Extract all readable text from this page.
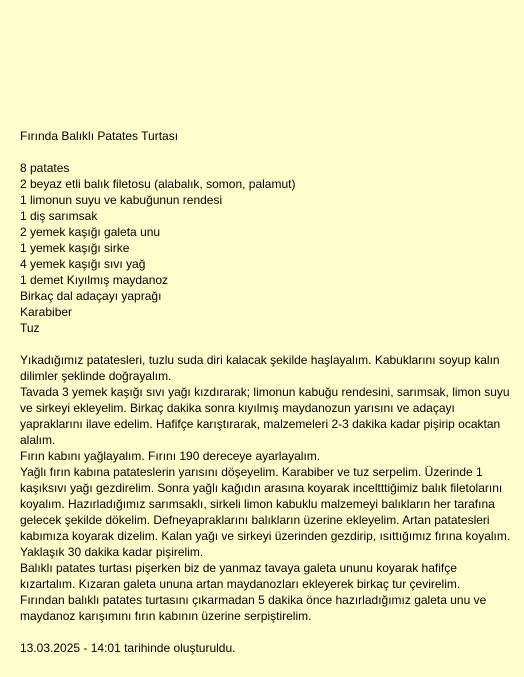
Fırında Balıklı Patates Turtası
8 patates
2 beyaz etli balık filetosu (alabalık, somon, palamut)
1 limonun suyu ve kabuğunun rendesi
1 diş sarımsak
2 yemek kaşığı galeta unu
1 yemek kaşığı sirke
4 yemek kaşığı sıvı yağ
1 demet Kıyılmış maydanoz
Birkaç dal adaçayı yaprağı
Karabiber
Tuz

Yıkadığımız patatesleri, tuzlu suda diri kalacak şekilde haşlayalım. Kabuklarını soyup kalın dilimler şeklinde doğrayalım.

Tavada 3 yemek kaşığı sıvı yağı kızdırarak; limonun kabuğu rendesini, sarımsak, limon suyu ve sirkeyi ekleyelim. Birkaç dakika sonra kıyılmış maydanozun yarısını ve adaçayı yapraklarını ilave edelim. Hafifçe karıştırarak, malzemeleri 2-3 dakika kadar pişirip ocaktan alalım.

Fırın kabını yağlayalım. Fırını 190 dereceye ayarlayalım.

Yağlı fırın kabına patateslerin yarısını döşeyelim. Karabiber ve tuz serpelim. Üzerinde 1 kaşıksıvı yağı gezdirelim. Sonra yağlı kağıdın arasına koyarak inceltttiğimiz balık filetolarını koyalım. Hazırladığımız sarımsaklı, sirkeli limon kabuklu malzemeyi balıkların her tarafına gelecek şekilde dökelim. Defneyapraklarını balıkların üzerine ekleyelim. Artan patatesleri kabımıza koyarak dizelim. Kalan yağı ve sirkeyi üzerinden gezdirip, ısıttığımız fırına koyalım. Yaklaşık 30 dakika kadar pişirelim.

Balıklı patates turtası pişerken biz de yanmaz tavaya galeta ununu koyarak hafifçe kızartalım. Kızaran galeta ununa artan maydanozları ekleyerek birkaç tur çevirelim.

Fırından balıklı patates turtasını çıkarmadan 5 dakika önce hazırladığımız galeta unu ve maydanoz karışımını fırın kabının üzerine serpiştirelim.

13.03.2025 - 14:01 tarihinde oluşturuldu.
